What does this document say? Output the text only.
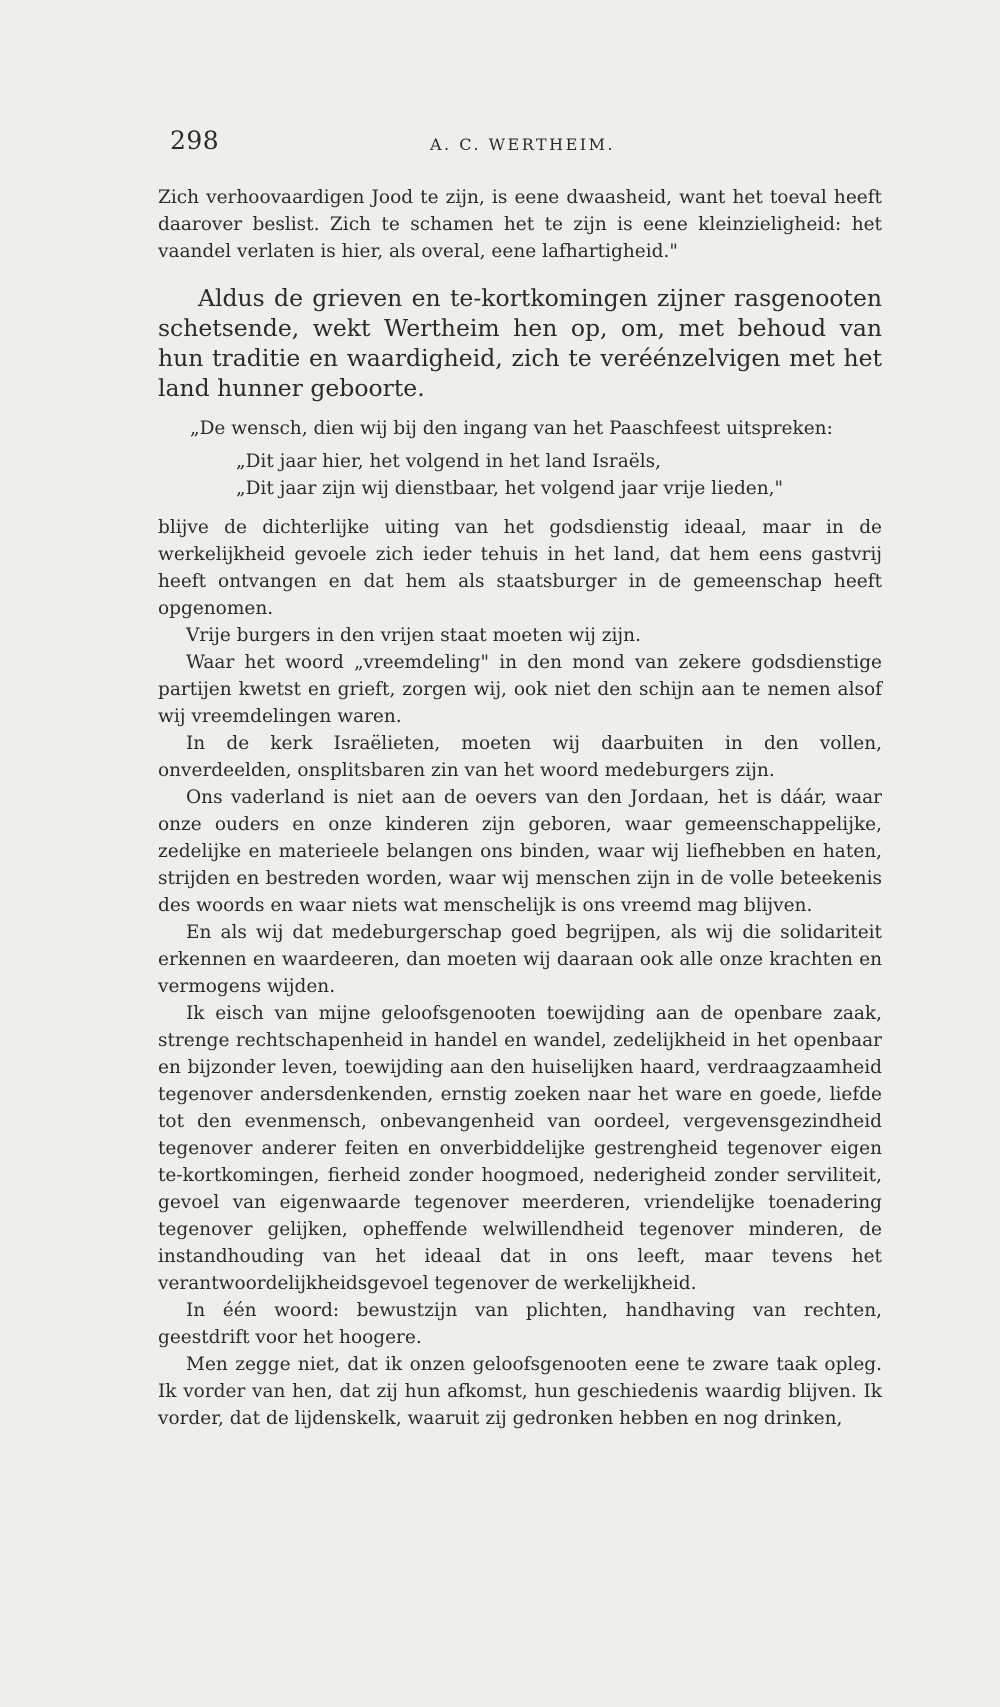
298	A. C. WERTHEIM.

Zich verhoovaardigen Jood te zijn, is eene dwaasheid, want het toeval heeft daarover beslist. Zich te schamen het te zijn is eene kleinzieligheid: het vaandel verlaten is hier, als overal, eene lafhartigheid."

Aldus de grieven en te-kortkomingen zijner rasgenooten schetsende, wekt Wertheim hen op, om, met behoud van hun traditie en waardigheid, zich te veréénzelvigen met het land hunner geboorte.

„De wensch, dien wij bij den ingang van het Paaschfeest uitspreken:

„Dit jaar hier, het volgend in het land Israëls,

„Dit jaar zijn wij dienstbaar, het volgend jaar vrije lieden,"

blijve de dichterlijke uiting van het godsdienstig ideaal, maar in de werkelijkheid gevoele zich ieder tehuis in het land, dat hem eens gastvrij heeft ontvangen en dat hem als staatsburger in de gemeenschap heeft opgenomen.

Vrije burgers in den vrijen staat moeten wij zijn.

Waar het woord „vreemdeling" in den mond van zekere godsdienstige partijen kwetst en grieft, zorgen wij, ook niet den schijn aan te nemen alsof wij vreemdelingen waren.

In de kerk Israëlieten, moeten wij daarbuiten in den vollen, onverdeelden, onsplitsbaren zin van het woord medeburgers zijn.

Ons vaderland is niet aan de oevers van den Jordaan, het is dáár, waar onze ouders en onze kinderen zijn geboren, waar gemeenschappelijke, zedelijke en materieele belangen ons binden, waar wij liefhebben en haten, strijden en bestreden worden, waar wij menschen zijn in de volle beteekenis des woords en waar niets wat menschelijk is ons vreemd mag blijven.

En als wij dat medeburgerschap goed begrijpen, als wij die solidariteit erkennen en waardeeren, dan moeten wij daaraan ook alle onze krachten en vermogens wijden.

Ik eisch van mijne geloofsgenooten toewijding aan de openbare zaak, strenge rechtschapenheid in handel en wandel, zedelijkheid in het openbaar en bijzonder leven, toewijding aan den huiselijken haard, verdraagzaamheid tegenover andersdenkenden, ernstig zoeken naar het ware en goede, liefde tot den evenmensch, onbevangenheid van oordeel, vergevensgezindheid tegenover anderer feiten en onverbiddelijke gestrengheid tegenover eigen te-kortkomingen, fierheid zonder hoogmoed, nederigheid zonder serviliteit, gevoel van eigenwaarde tegenover meerderen, vriendelijke toenadering tegenover gelijken, opheffende welwillendheid tegenover minderen, de instandhouding van het ideaal dat in ons leeft, maar tevens het verantwoordelijkheidsgevoel tegenover de werkelijkheid.

In één woord: bewustzijn van plichten, handhaving van rechten, geestdrift voor het hoogere.

Men zegge niet, dat ik onzen geloofsgenooten eene te zware taak opleg. Ik vorder van hen, dat zij hun afkomst, hun geschiedenis waardig blijven. Ik vorder, dat de lijdenskelk, waaruit zij gedronken hebben en nog drinken,
